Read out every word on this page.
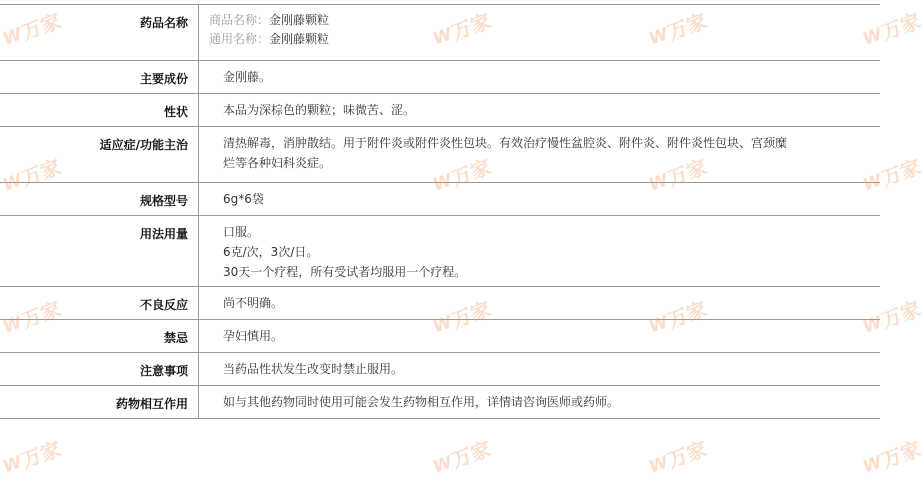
药品名称	商品名称：金刚藤颗粒
通用名称：金刚藤颗粒

主要成份	金刚藤。
性状	本品为深棕色的颗粒；味微苦、涩。
适应症/功能主治	清热解毒，消肿散结。用于附件炎或附件炎性包块。有效治疗慢性盆腔炎、附件炎、附件炎性包块、宫颈糜烂等各种妇科炎症。
规格型号	6g*6袋
用法用量	口服。
6克/次，3次/日。
30天一个疗程，所有受试者均服用一个疗程。

不良反应	尚不明确。
禁忌	孕妇慎用。
注意事项	当药品性状发生改变时禁止服用。
药物相互作用	如与其他药物同时使用可能会发生药物相互作用，详情请咨询医师或药师。
W
万家	W
万家	W
万家	W
万家
W
万家	W
万家	W
万家	W
万家
W
万家	W
万家	W
万家	W
万家
W
万家	W
万家	W
万家	W
万家
